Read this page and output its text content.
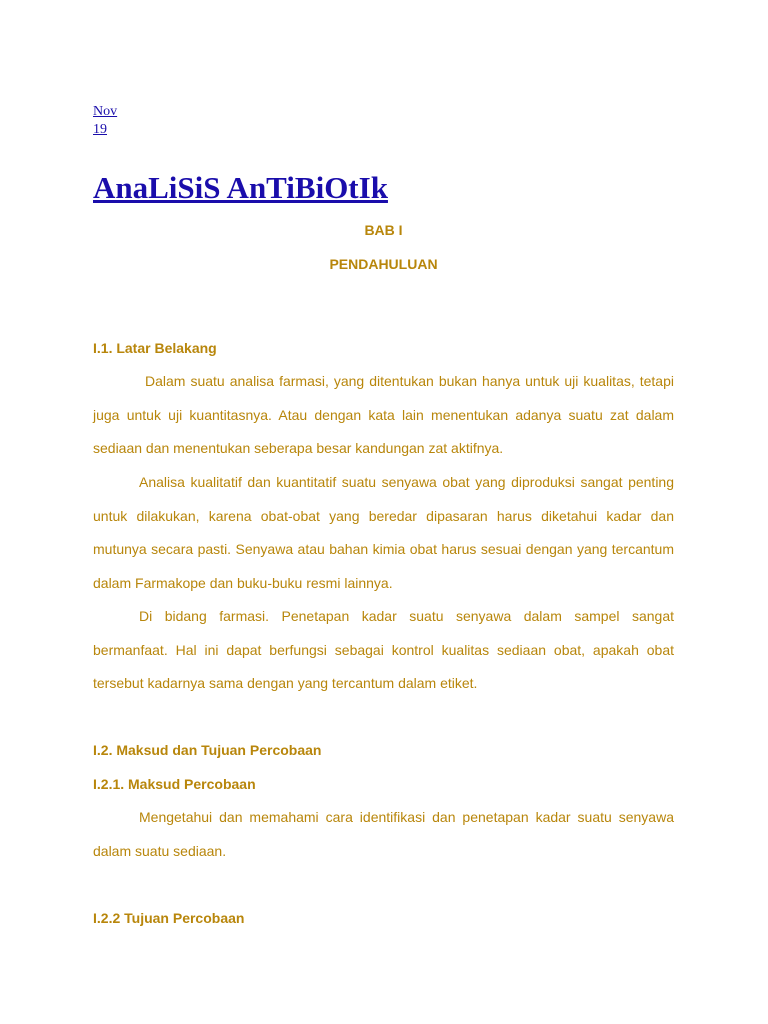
Nov
19
AnaLiSiS AnTiBiOtIk
BAB I
PENDAHULUAN
I.1. Latar Belakang

Dalam suatu analisa farmasi, yang ditentukan bukan hanya untuk uji kualitas, tetapi juga untuk uji kuantitasnya. Atau dengan kata lain menentukan adanya suatu zat dalam sediaan dan menentukan seberapa besar kandungan zat aktifnya.

Analisa kualitatif dan kuantitatif suatu senyawa obat yang diproduksi sangat penting untuk dilakukan, karena obat-obat yang beredar dipasaran harus diketahui kadar dan mutunya secara pasti. Senyawa atau bahan kimia obat harus sesuai dengan yang tercantum dalam Farmakope dan buku-buku resmi lainnya.

Di bidang farmasi. Penetapan kadar suatu senyawa dalam sampel sangat bermanfaat. Hal ini dapat berfungsi sebagai kontrol kualitas sediaan obat, apakah obat tersebut kadarnya sama dengan yang tercantum dalam etiket.

I.2. Maksud dan Tujuan Percobaan
I.2.1. Maksud Percobaan

Mengetahui dan memahami cara identifikasi dan penetapan kadar suatu senyawa dalam suatu sediaan.

I.2.2 Tujuan Percobaan
